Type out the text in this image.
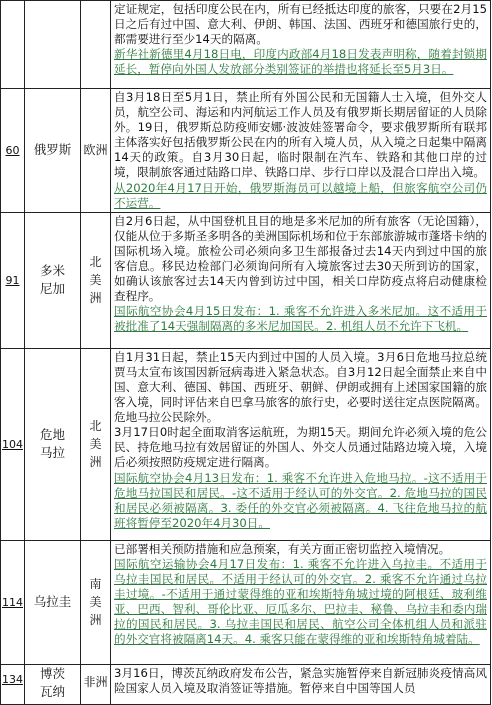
			定证规定，包括印度公民在内，所有已经抵达印度的旅客，只要在2月15日之后有过中国、意大利、伊朗、韩国、法国、西班牙和德国旅行史的，都需要进行至少14天的隔离。

新华社新德里4月18日电，印度内政部4月18日发表声明称，随着封锁期延长，暂停向外国人发放部分类别签证的举措也将延长至5月3日。

60	俄罗斯	欧洲	自3月18日至5月1日，禁止所有外国公民和无国籍人士入境，但外交人员，航空公司、海运和内河航运工作人员及有俄罗斯长期居留证的人员除外。19日，俄罗斯总防疫师安娜·波波娃签署命令，要求俄罗斯所有联邦主体落实好包括俄罗斯公民在内的所有入境人员，从入境之日起集中隔离14天的政策。自3月30日起，临时限制在汽车、铁路和其他口岸的过境，限制旅客通过陆路口岸、铁路口岸、步行口岸以及混合口岸出入境。

从2020年4月17日开始，俄罗斯海员可以越境上船，但旅客航空公司仍不运营。

91	多米尼加	北美洲	自2月6日起，从中国登机且目的地是多米尼加的所有旅客（无论国籍），仅能从位于多斯圣多明各的美洲国际机场和位于东部旅游城市蓬塔卡纳的国际机场入境。旅检公司必须向多卫生部报备过去14天内到过中国的旅客信息。移民边检部门必须询问所有入境旅客过去30天所到访的国家，如确认该旅客过去14天内曾到访过中国，相关口岸防疫点将启动健康检查程序。

国际航空协会4月15日发布：1. 乘客不允许进入多米尼加。这不适用于被批准了14天强制隔离的多米尼加国民。2. 机组人员不允许下飞机。

104	危地马拉	北美洲	自1月31日起，禁止15天内到过中国的人员入境。3月6日危地马拉总统贾马太宣布该国因新冠病毒进入紧急状态。自3月12日起全面禁止来自中国、意大利、德国、韩国、西班牙、朝鲜、伊朗或拥有上述国家国籍的旅客入境，同时评估来自巴拿马旅客的旅行史，必要时送往定点医院隔离。危地马拉公民除外。

3月17日0时起全面取消客运航班，为期15天。期间允许必须入境的危公民、持危地马拉有效居留证的外国人、外交人员通过陆路边境入境，入境后必须按照防疫规定进行隔离。

国际航空协会4月13日发布：1. 乘客不允许进入危地马拉。-这不适用于危地马拉国民和居民。-这不适用于经认可的外交官。2. 危地马拉的国民和居民必须被隔离。3. 委任的外交官必须被隔离。4. 飞往危地马拉的航班将暂停至2020年4月30日。

114	乌拉圭	南美洲	已部署相关预防措施和应急预案，有关方面正密切监控入境情况。

国际航空运输协会4月17日发布：1. 乘客不允许进入乌拉圭。不适用于乌拉圭国民和居民。不适用于经认可的外交官。2. 乘客不允许通过乌拉圭过境。-不适用于通过蒙得维的亚和埃斯特角城过境的阿根廷、玻利维亚、巴西、智利、哥伦比亚、厄瓜多尔、巴拉圭、秘鲁、乌拉圭和委内瑞拉的国民和居民。3. 乌拉圭国民和居民、航空公司全体机组人员和派驻的外交官将被隔离14天。4. 乘客只能在蒙得维的亚和埃斯特角城着陆。

134	博茨瓦纳	非洲	3月16日，博茨瓦纳政府发布公告，紧急实施暂停来自新冠肺炎疫情高风险国家人员入境及取消签证等措施。暂停来自中国等国人员
